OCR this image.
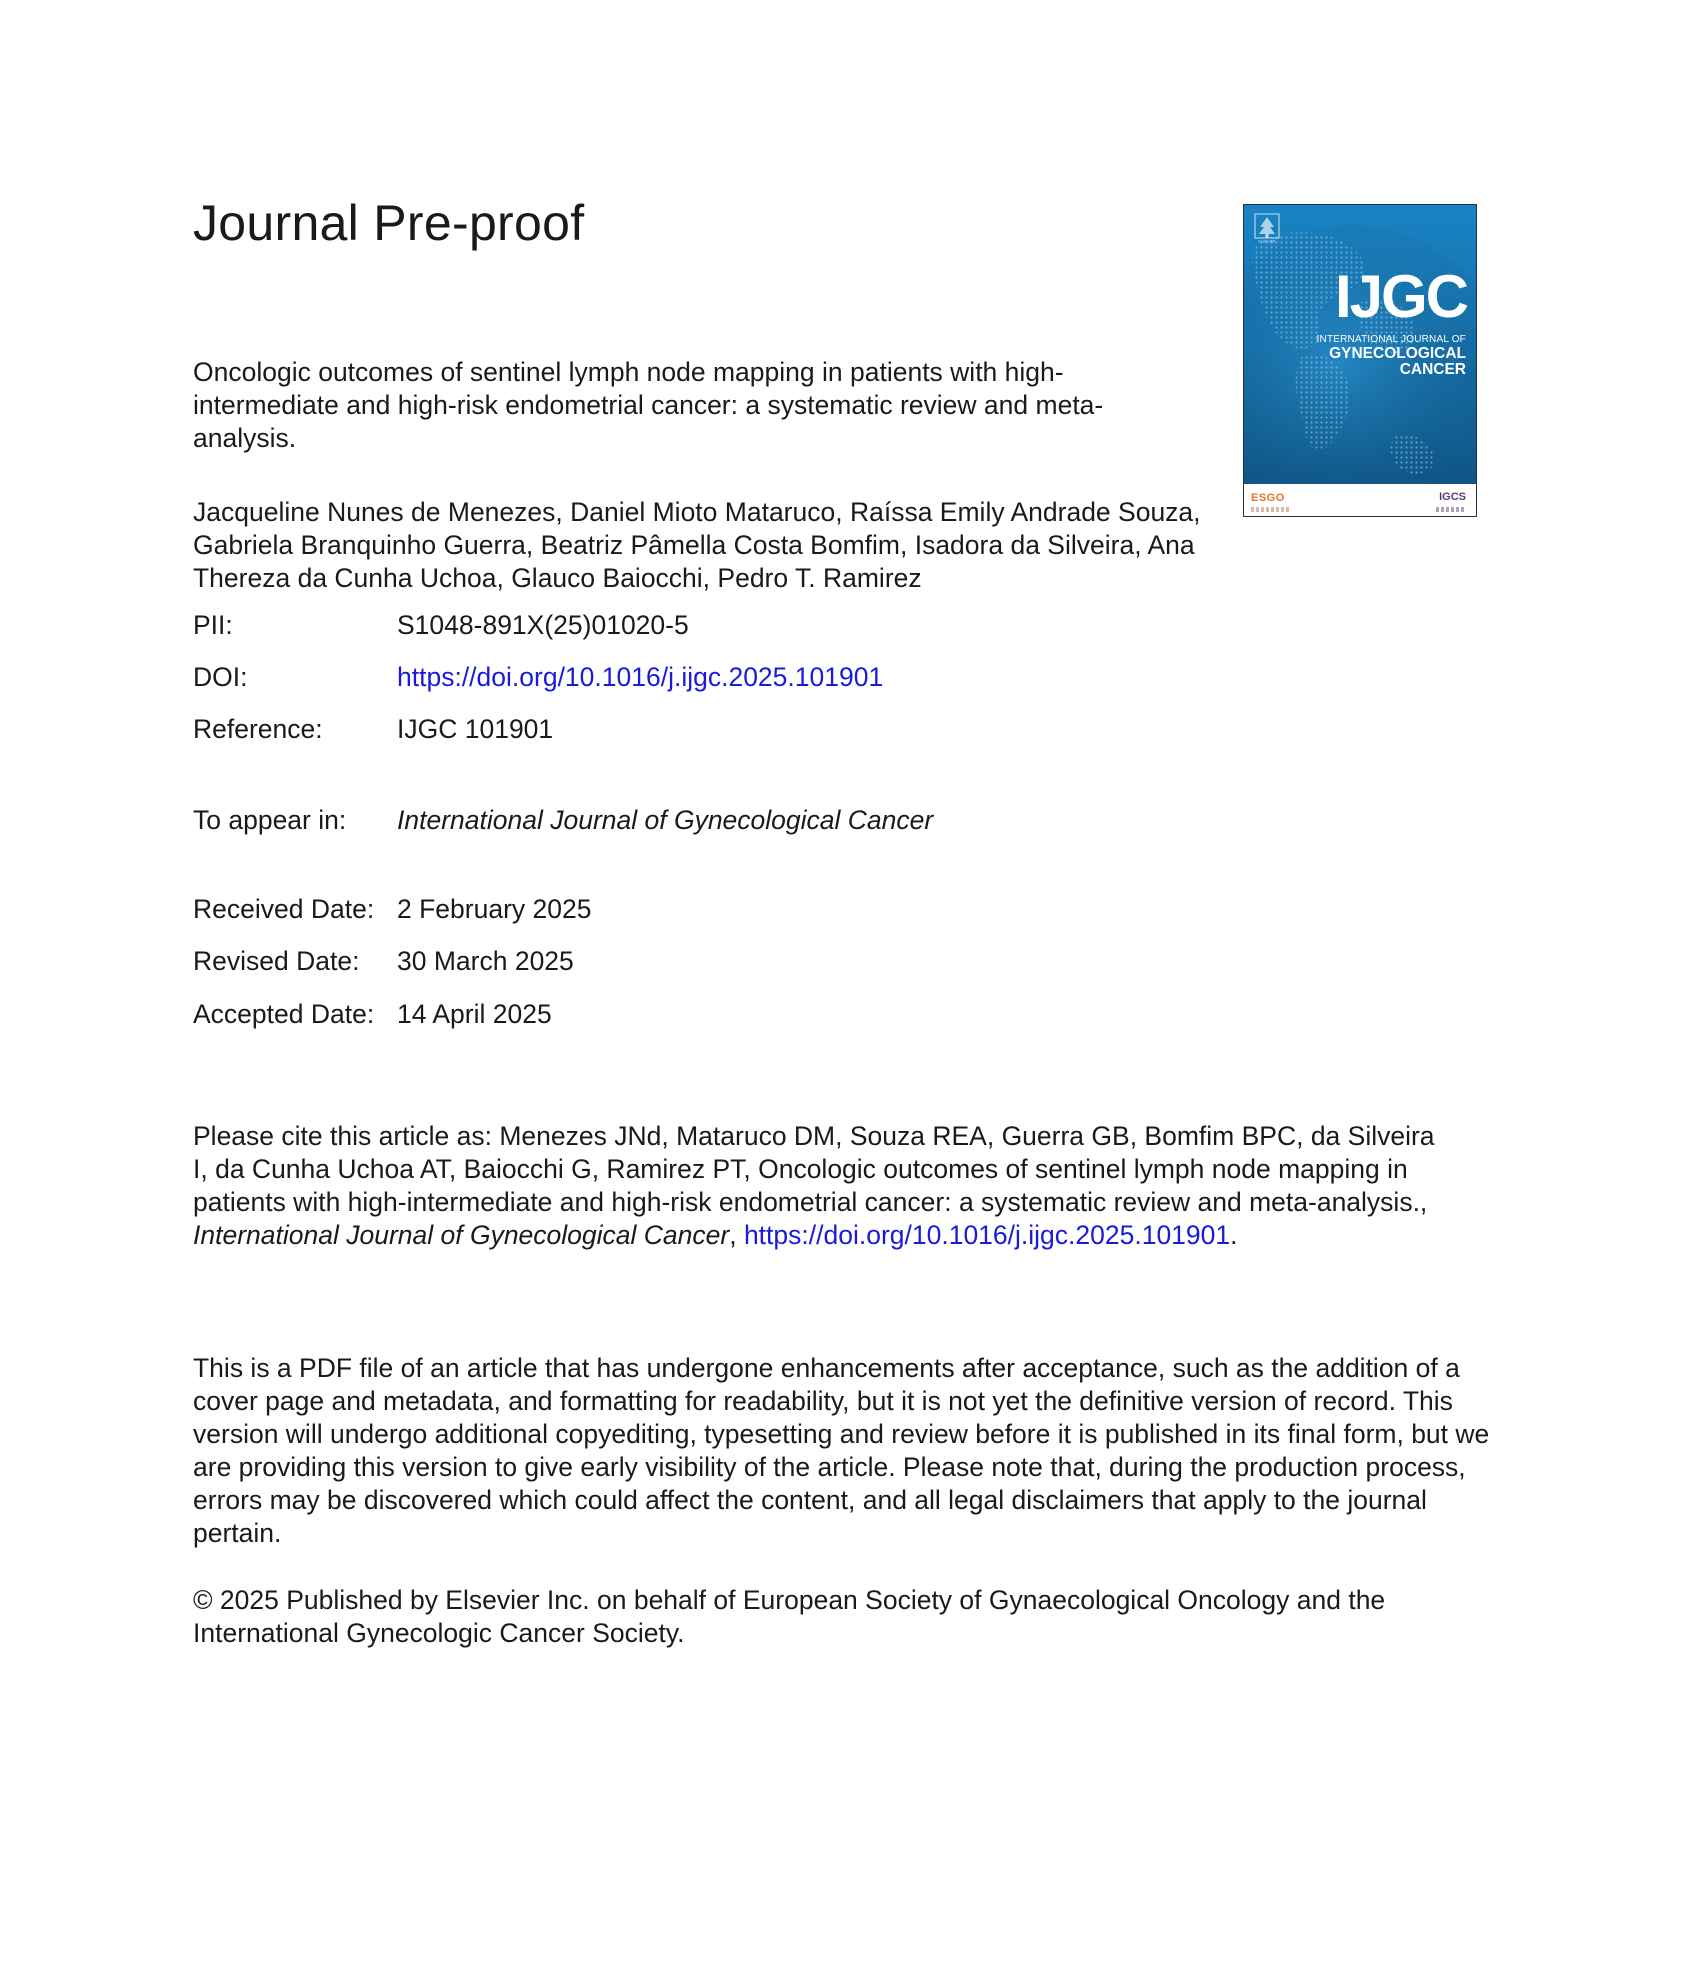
Journal Pre-proof

Oncologic outcomes of sentinel lymph node mapping in patients with high-intermediate and high-risk endometrial cancer: a systematic review and meta-analysis.

Jacqueline Nunes de Menezes, Daniel Mioto Mataruco, Raíssa Emily Andrade Souza, Gabriela Branquinho Guerra, Beatriz Pâmella Costa Bomfim, Isadora da Silveira, Ana Thereza da Cunha Uchoa, Glauco Baiocchi, Pedro T. Ramirez

PII:	S1048-891X(25)01020-5
DOI:	https://doi.org/10.1016/j.ijgc.2025.101901
Reference:	IJGC 101901
To appear in: International Journal of Gynecological Cancer
Received Date: 2 February 2025
Revised Date: 30 March 2025
Accepted Date: 14 April 2025

Please cite this article as: Menezes JNd, Mataruco DM, Souza REA, Guerra GB, Bomfim BPC, da Silveira I, da Cunha Uchoa AT, Baiocchi G, Ramirez PT, Oncologic outcomes of sentinel lymph node mapping in patients with high-intermediate and high-risk endometrial cancer: a systematic review and meta-analysis., International Journal of Gynecological Cancer, https://doi.org/10.1016/j.ijgc.2025.101901.

This is a PDF file of an article that has undergone enhancements after acceptance, such as the addition of a cover page and metadata, and formatting for readability, but it is not yet the definitive version of record. This version will undergo additional copyediting, typesetting and review before it is published in its final form, but we are providing this version to give early visibility of the article. Please note that, during the production process, errors may be discovered which could affect the content, and all legal disclaimers that apply to the journal pertain.

© 2025 Published by Elsevier Inc. on behalf of European Society of Gynaecological Oncology and the International Gynecologic Cancer Society.

ELSEVIER
IJGC
INTERNATIONAL JOURNAL OF
GYNECOLOGICAL
CANCER
ESGO	IGCS
